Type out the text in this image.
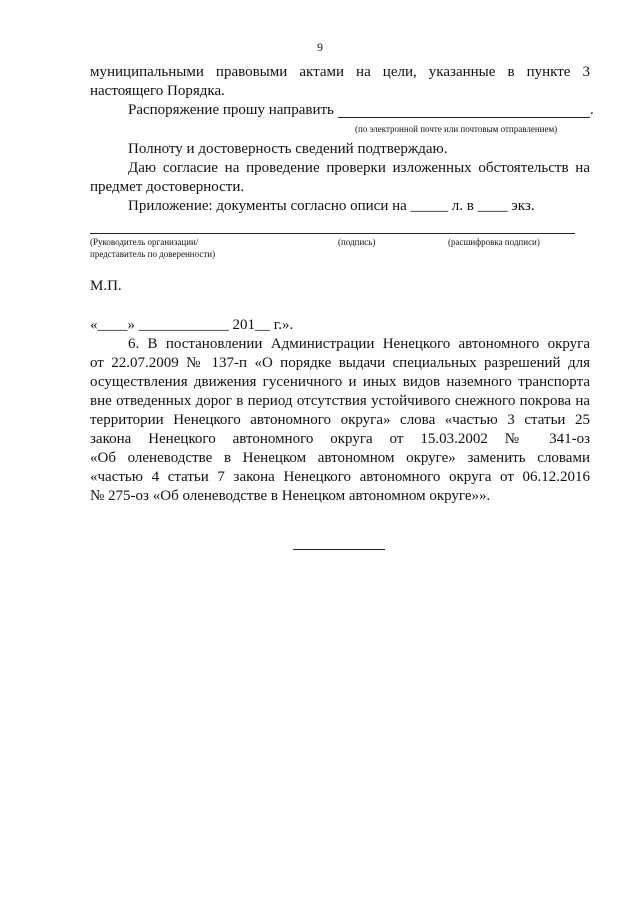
9
муниципальными правовыми актами на цели, указанные в пункте 3
настоящего Порядка.
Распоряжение прошу направить	.
(по электронной почте или почтовым отправлением)
Полноту и достоверность сведений подтверждаю.
Даю согласие на проведение проверки изложенных обстоятельств на
предмет достоверности.
Приложение: документы согласно описи на _____ л. в ____ экз.
(Руководитель организации/
представитель по доверенности)
(подпись)	(расшифровка подписи)
М.П.
«____» ____________ 201__ г.».
6. В постановлении Администрации Ненецкого автономного округа
от 22.07.2009 № 137-п «О порядке выдачи специальных разрешений для
осуществления движения гусеничного и иных видов наземного транспорта
вне отведенных дорог в период отсутствия устойчивого снежного покрова на
территории Ненецкого автономного округа» слова «частью 3 статьи 25
закона Ненецкого автономного округа от 15.03.2002 № 341-оз
«Об оленеводстве в Ненецком автономном округе» заменить словами
«частью 4 статьи 7 закона Ненецкого автономного округа от 06.12.2016
№ 275-оз «Об оленеводстве в Ненецком автономном округе»».
